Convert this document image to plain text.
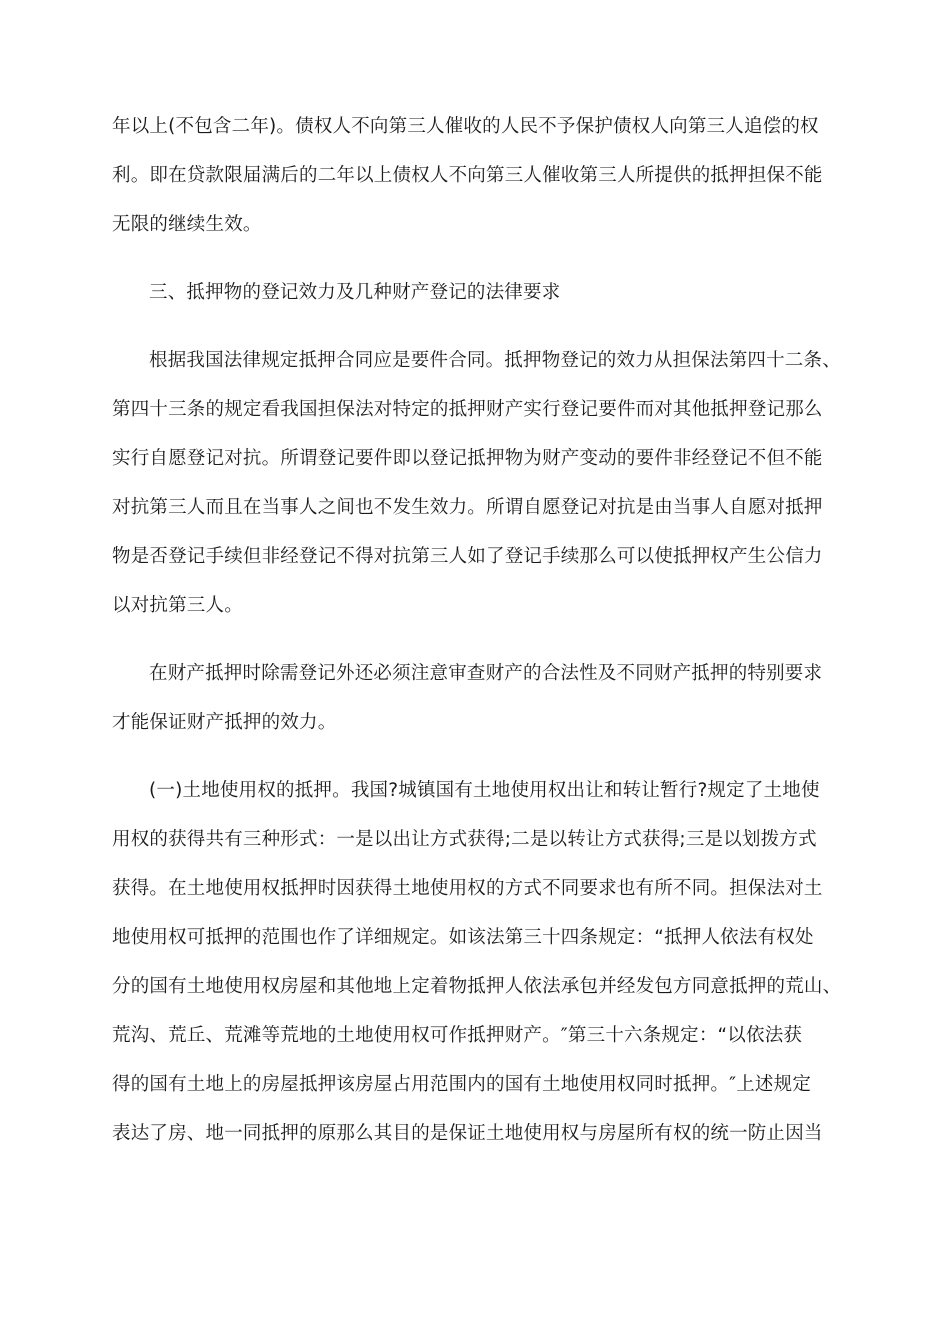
年以上(不包含二年)。债权人不向第三人催收的人民不予保护债权人向第三人追偿的权
利。即在贷款限届满后的二年以上债权人不向第三人催收第三人所提供的抵押担保不能
无限的继续生效。
三、抵押物的登记效力及几种财产登记的法律要求
根据我国法律规定抵押合同应是要件合同。抵押物登记的效力从担保法第四十二条、
第四十三条的规定看我国担保法对特定的抵押财产实行登记要件而对其他抵押登记那么
实行自愿登记对抗。所谓登记要件即以登记抵押物为财产变动的要件非经登记不但不能
对抗第三人而且在当事人之间也不发生效力。所谓自愿登记对抗是由当事人自愿对抵押
物是否登记手续但非经登记不得对抗第三人如了登记手续那么可以使抵押权产生公信力
以对抗第三人。
在财产抵押时除需登记外还必须注意审查财产的合法性及不同财产抵押的特别要求
才能保证财产抵押的效力。
(一)土地使用权的抵押。我国?城镇国有土地使用权出让和转让暂行?规定了土地使
用权的获得共有三种形式：一是以出让方式获得;二是以转让方式获得;三是以划拨方式
获得。在土地使用权抵押时因获得土地使用权的方式不同要求也有所不同。担保法对土
地使用权可抵押的范围也作了详细规定。如该法第三十四条规定：“抵押人依法有权处
分的国有土地使用权房屋和其他地上定着物抵押人依法承包并经发包方同意抵押的荒山、
荒沟、荒丘、荒滩等荒地的土地使用权可作抵押财产。″第三十六条规定：“以依法获
得的国有土地上的房屋抵押该房屋占用范围内的国有土地使用权同时抵押。″上述规定
表达了房、地一同抵押的原那么其目的是保证土地使用权与房屋所有权的统一防止因当
